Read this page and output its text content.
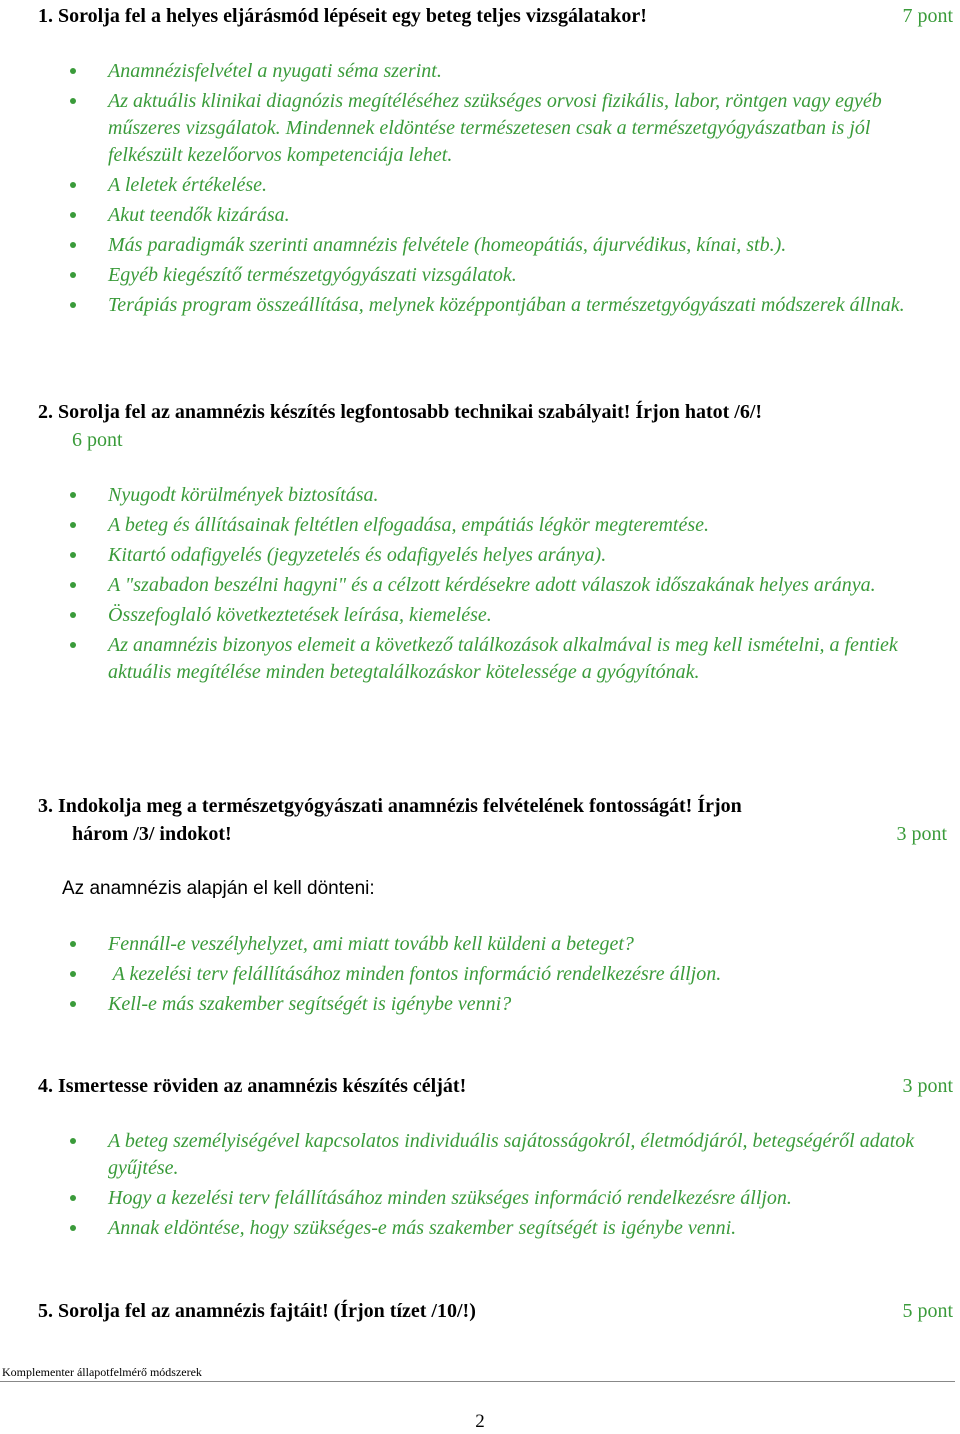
1. Sorolja fel a helyes eljárásmód lépéseit egy beteg teljes vizsgálatakor!	7 pont
Anamnézisfelvétel a nyugati séma szerint.
Az aktuális klinikai diagnózis megítéléséhez szükséges orvosi fizikális, labor, röntgen vagy egyéb műszeres vizsgálatok. Mindennek eldöntése természetesen csak a természetgyógyászatban is jól felkészült kezelőorvos kompetenciája lehet.
A leletek értékelése.
Akut teendők kizárása.
Más paradigmák szerinti anamnézis felvétele (homeopátiás, ájurvédikus, kínai, stb.).
Egyéb kiegészítő természetgyógyászati vizsgálatok.
Terápiás program összeállítása, melynek középpontjában a természetgyógyászati módszerek állnak.
2. Sorolja fel az anamnézis készítés legfontosabb technikai szabályait! Írjon hatot /6/!
6 pont
Nyugodt körülmények biztosítása.
A beteg és állításainak feltétlen elfogadása, empátiás légkör megteremtése.
Kitartó odafigyelés (jegyzetelés és odafigyelés helyes aránya).
A "szabadon beszélni hagyni" és a célzott kérdésekre adott válaszok időszakának helyes aránya.
Összefoglaló következtetések leírása, kiemelése.
Az anamnézis bizonyos elemeit a következő találkozások alkalmával is meg kell ismételni, a fentiek aktuális megítélése minden betegtalálkozáskor kötelessége a gyógyítónak.
3. Indokolja meg a természetgyógyászati anamnézis felvételének fontosságát! Írjon
három /3/ indokot!	3 pont
Az anamnézis alapján el kell dönteni:
Fennáll-e veszélyhelyzet, ami miatt tovább kell küldeni a beteget?
A kezelési terv felállításához minden fontos információ rendelkezésre álljon.
Kell-e más szakember segítségét is igénybe venni?
4. Ismertesse röviden az anamnézis készítés célját!	3 pont
A beteg személyiségével kapcsolatos individuális sajátosságokról, életmódjáról, betegségéről adatok gyűjtése.
Hogy a kezelési terv felállításához minden szükséges információ rendelkezésre álljon.
Annak eldöntése, hogy szükséges-e más szakember segítségét is igénybe venni.
5. Sorolja fel az anamnézis fajtáit! (Írjon tízet /10/!)	5 pont
Komplementer állapotfelmérő módszerek
2
